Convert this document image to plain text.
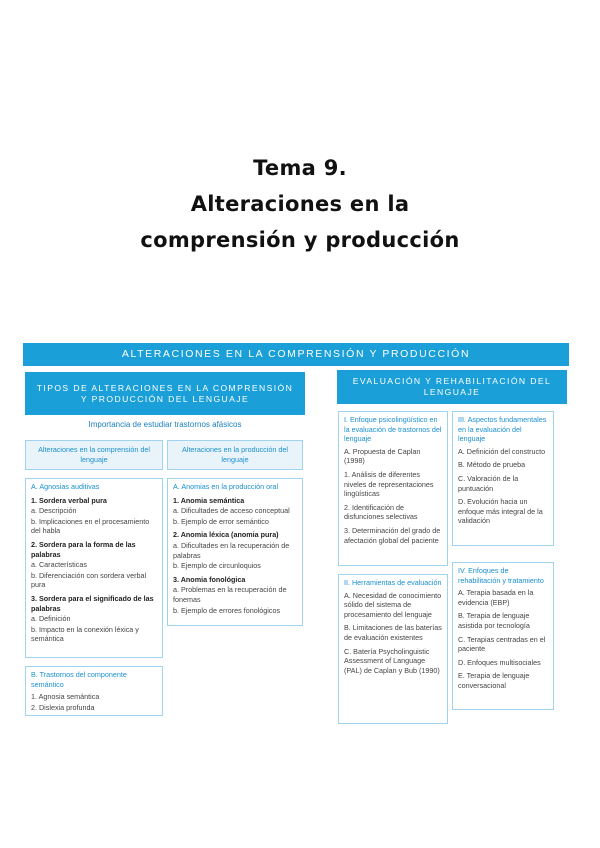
Tema 9.
Alteraciones en la
comprensión y producción
ALTERACIONES EN LA COMPRENSIÓN Y PRODUCCIÓN
TIPOS DE ALTERACIONES EN LA COMPRENSIÓN Y PRODUCCIÓN DEL LENGUAJE
Importancia de estudiar trastornos afásicos
Alteraciones en la comprensión del lenguaje
Alteraciones en la producción del lenguaje
A. Agnosias auditivas
1. Sordera verbal pura
a. Descripción
b. Implicaciones en el procesamiento del habla
2. Sordera para la forma de las palabras
a. Características
b. Diferenciación con sordera verbal pura
3. Sordera para el significado de las palabras
a. Definición
b. Impacto en la conexión léxica y semántica
A. Anomias en la producción oral
1. Anomia semántica
a. Dificultades de acceso conceptual
b. Ejemplo de error semántico
2. Anomia léxica (anomia pura)
a. Dificultades en la recuperación de palabras
b. Ejemplo de circunloquios
3. Anomia fonológica
a. Problemas en la recuperación de fonemas
b. Ejemplo de errores fonológicos
B. Trastornos del componente semántico
1. Agnosia semántica
2. Dislexia profunda
EVALUACIÓN Y REHABILITACIÓN DEL LENGUAJE
I. Enfoque psicolingüístico en la evaluación de trastornos del lenguaje
A. Propuesta de Caplan (1998)
1. Análisis de diferentes niveles de representaciones lingüísticas
2. Identificación de disfunciones selectivas
3. Determinación del grado de afectación global del paciente
III. Aspectos fundamentales en la evaluación del lenguaje
A. Definición del constructo
B. Método de prueba
C. Valoración de la puntuación
D. Evolución hacia un enfoque más integral de la validación
II. Herramientas de evaluación
A. Necesidad de conocimiento sólido del sistema de procesamiento del lenguaje
B. Limitaciones de las baterías de evaluación existentes
C. Batería Psycholinguistic Assessment of Language (PAL) de Caplan y Bub (1990)
IV. Enfoques de rehabilitación y tratamiento
A. Terapia basada en la evidencia (EBP)
B. Terapia de lenguaje asistida por tecnología
C. Terapias centradas en el paciente
D. Enfoques multisociales
E. Terapia de lenguaje conversacional
